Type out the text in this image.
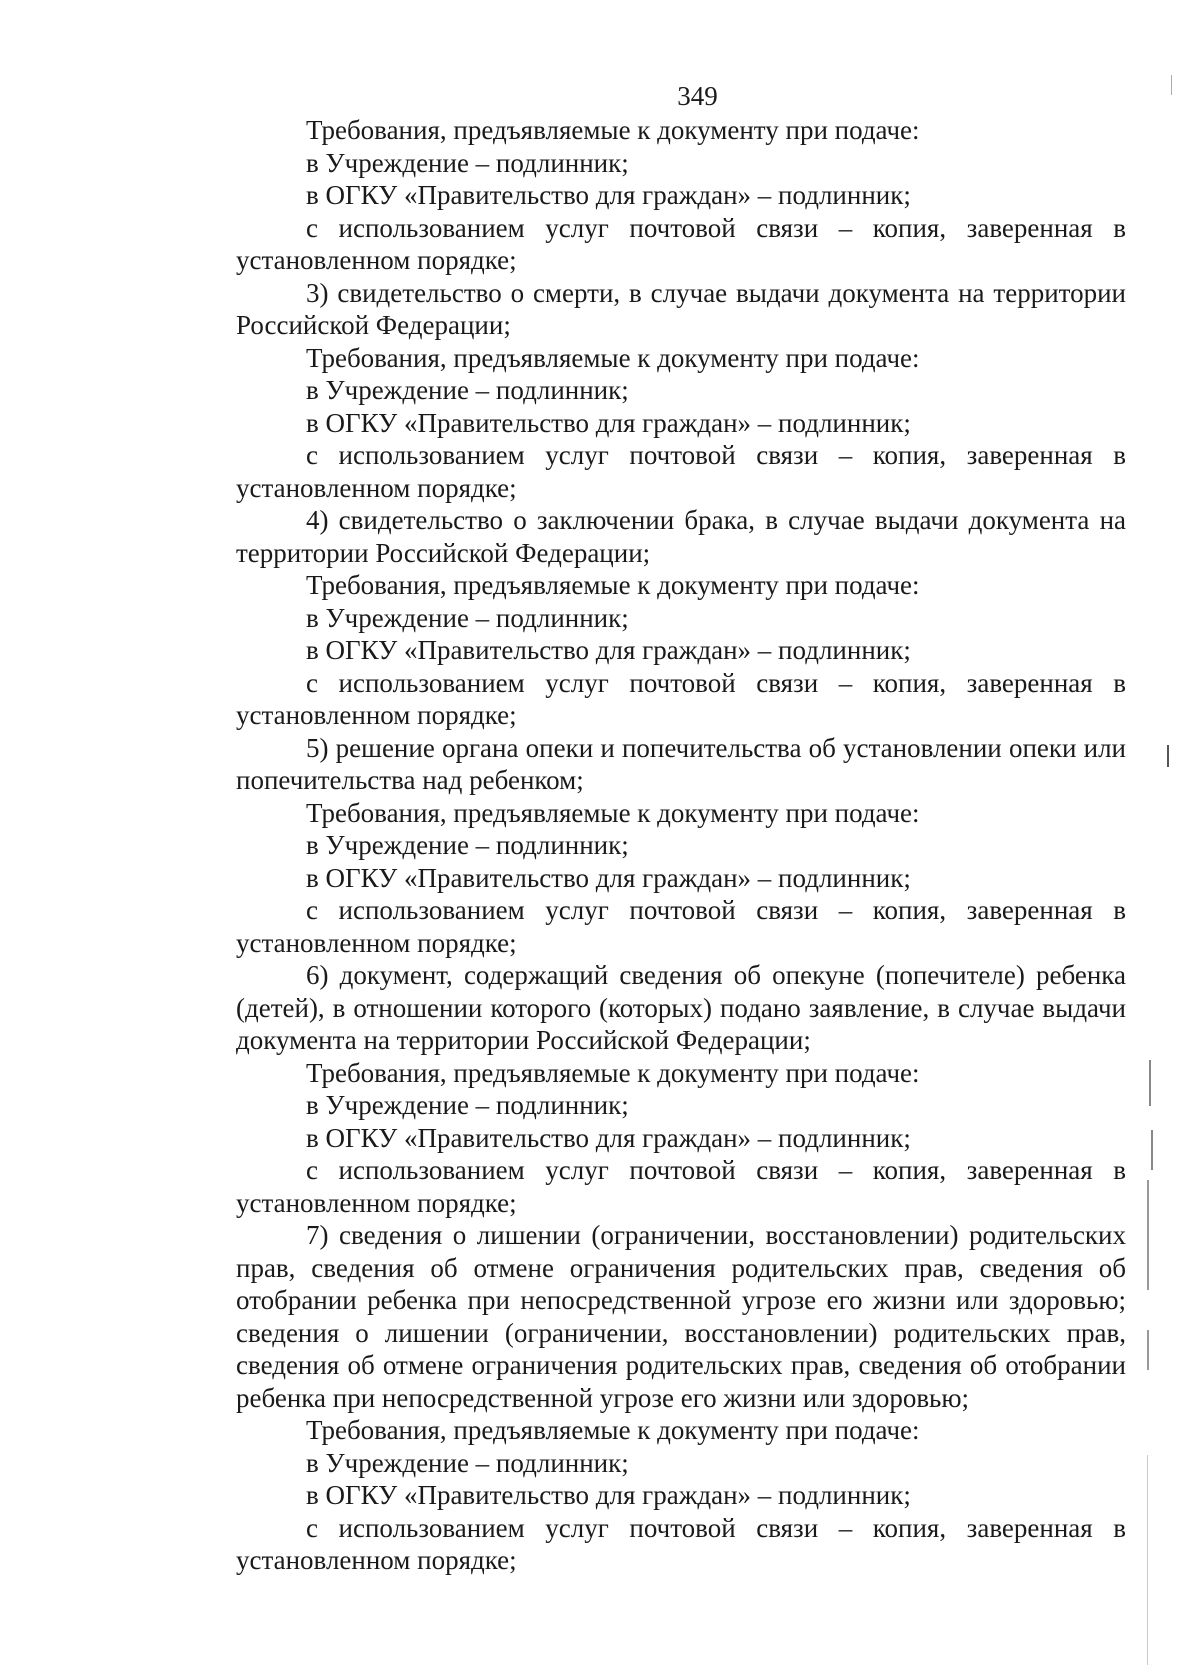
349

Требования, предъявляемые к документу при подаче:

в Учреждение – подлинник;

в ОГКУ «Правительство для граждан» – подлинник;

с использованием услуг почтовой связи – копия, заверенная в установленном порядке;

3) свидетельство о смерти, в случае выдачи документа на территории Российской Федерации;

Требования, предъявляемые к документу при подаче:

в Учреждение – подлинник;

в ОГКУ «Правительство для граждан» – подлинник;

с использованием услуг почтовой связи – копия, заверенная в установленном порядке;

4) свидетельство о заключении брака, в случае выдачи документа на территории Российской Федерации;

Требования, предъявляемые к документу при подаче:

в Учреждение – подлинник;

в ОГКУ «Правительство для граждан» – подлинник;

с использованием услуг почтовой связи – копия, заверенная в установленном порядке;

5) решение органа опеки и попечительства об установлении опеки или попечительства над ребенком;

Требования, предъявляемые к документу при подаче:

в Учреждение – подлинник;

в ОГКУ «Правительство для граждан» – подлинник;

с использованием услуг почтовой связи – копия, заверенная в установленном порядке;

6) документ, содержащий сведения об опекуне (попечителе) ребенка (детей), в отношении которого (которых) подано заявление, в случае выдачи документа на территории Российской Федерации;

Требования, предъявляемые к документу при подаче:

в Учреждение – подлинник;

в ОГКУ «Правительство для граждан» – подлинник;

с использованием услуг почтовой связи – копия, заверенная в установленном порядке;

7) сведения о лишении (ограничении, восстановлении) родительских прав, сведения об отмене ограничения родительских прав, сведения об отобрании ребенка при непосредственной угрозе его жизни или здоровью; сведения о лишении (ограничении, восстановлении) родительских прав, сведения об отмене ограничения родительских прав, сведения об отобрании ребенка при непосредственной угрозе его жизни или здоровью;

Требования, предъявляемые к документу при подаче:

в Учреждение – подлинник;

в ОГКУ «Правительство для граждан» – подлинник;

с использованием услуг почтовой связи – копия, заверенная в установленном порядке;
